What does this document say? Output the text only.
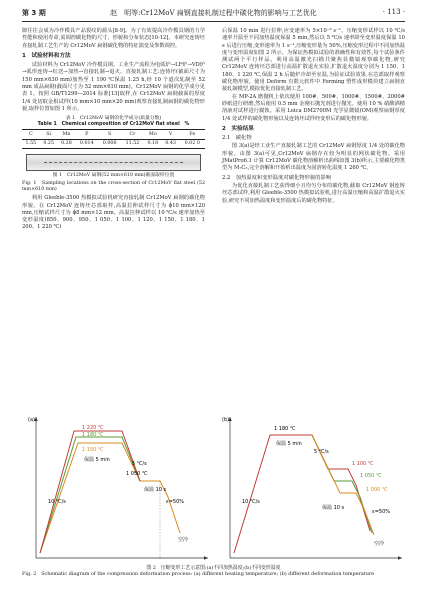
第 3 期	赵　明等:Cr12MoV 扁钢直接轧制过程中碳化物的影响与工艺优化	· 113 ·

隙往往会成为冷作模具产品裂纹的源头[8-9]。为了有效提高冷作模具钢的力学性能和使用寿命,需调控碳化物的尺寸、形貌和分布状态[10-12]。本研究连铸坯直接轧制工艺生产的 Cr12MoV 扁钢碳化物的特征演变及参数调控。

1　试验材料和方法

试验材料为 Cr12MoV 冷作模具钢。工业生产流程为电弧炉→LF炉→VD炉→弧形连铸→红送→加热→直接轧制→退火。直接轧制工艺:连铸坯(截面尺寸为 150 mm×630 mm)加热至 1 190 ℃保温 1.25 h,经 10 个道次轧制至 52 mm 成品扁钢(截面尺寸为 52 mm×610 mm)。Cr12MoV 扁钢的化学成分见表 1。按照 GB/T1299—2014 标准[13]取样,在 Cr12MoV 扁钢截面的厚度 1/4 处切取金相试样(10 mm×10 mm×20 mm)观察直接轧制扁钢的碳化物形貌,取样位置如图 1 所示。

表 1　Cr12MoV 扁钢的化学成分(质量分数)
Table 1　Chemical composition of Cr12MoV flat steel　%
C	Si	Mn	P	S	Cr	Mo	V	Fe
1.55	0.25	0.28	0.014	0.006	11.52	0.18	0.43	0.02 0
图 1　Cr12MoV 扁钢(52 mm×610 mm)截面取样位置
Fig. 1　Sampling locations on the cross-section of Cr12MoV flat steel (52 mm×610 mm)

利用 Gleeble-3500 热模拟试验机研究直接轧制 Cr12MoV 扁钢的碳化物形貌。在 Cr12MoV 连铸坯芯部取样,高温拉伸试样尺寸为 ϕ10 mm×120 mm,压缩试样尺寸为 ϕ8 mm×12 mm。高温拉伸试样以 10 ℃/s 速率加热至变形温度(850、900、950、1 050、1 100、1 120、1 150、1 180、1 200、1 220 ℃)

后保温 10 min 进行拉伸,应变速率为 5×10⁻³ s⁻¹。压缩变形试样以 10 ℃/s 速率升温至不同加热温度保温 5 min,然后以 5 ℃/s 速率降至变形温度保温 10 s 后进行压缩,变形速率为 1 s⁻¹,压缩变形量为 50%,压缩变形过程中不同加热温度与变形温度如图 2 所示。为保证热模拟试验的准确性和有效性,每个试验条件测试两个平行样品。利用高温激光扫描共聚焦显微镜观察碳化物,研究 Cr12MoV 连铸坯芯部进行高温扩散退火实验,扩散退火温度分别为 1 150、1 180、1 220 ℃,保温 2 h 后随炉冷却至室温,为验证试验效果,在芯部取样观察碳化物形貌。使用 Deform 有限元软件中 Forming 塑性成形模块建立扁钢直接轧制模型,模拟优化直接轧制工艺。

在 MP-2A 磨抛机上依次使用 100#、500#、1000#、1500#、2000# 砂纸进行研磨,然后使用 0.5 mm 金刚石抛光剂进行抛光。使用 10 % 硝酸酒精溶液对试样进行腐蚀。采用 Leica DM2700M 光学显微镜(OM)观察扁钢厚度 1/4 处试样的碳化物形貌以及连铸坯试样经变形后的碳化物形貌。

2　实验结果
2.1　碳化物

图 3(a)是经工业生产直接轧制工艺的 Cr12MoV 扁钢厚度 1/4 处的碳化物形貌。由图 3(a)可见,Cr12MoV 扁钢存在较为明显的网状碳化物。采用 JMatPro6.1 计算 Cr12MoV 碳化物溶解析出曲线如图 3(b)所示,主要碳化物类型为 M₇C₃,完全溶解和开始析出温度为固溶转化温度 1 260 ℃。

2.2　加热温度和变形温度对碳化物形貌的影响

为优化直接轧制工艺获得细小且均匀分布的碳化物,截取 Cr12MoV 钢连铸坯芯部试样,利用 Gleeble-3500 热模拟试验机,进行高温压缩和高温扩散退火实验,研究不同加热温度和变形温度后的碳化物特征。

(a)
1 220 ℃
1 180 ℃
1 150 ℃
保温 5 min
10 ℃/s
5 ℃/s
1 050 ℃
保温 10 s
ε=50%
空冷
(b)
1 180 ℃
保温 5 min
10 ℃/s
5 ℃/s
1 100 ℃
1 050 ℃
1 000 ℃
保温 10 s
ε=50%
空冷
图 2　压缩变形工艺示意图:(a)不同加热温度;(b)不同变形温度
Fig. 2　Schematic diagram of the compression deformation process: (a) different heating temperature; (b) different deformation temperature
